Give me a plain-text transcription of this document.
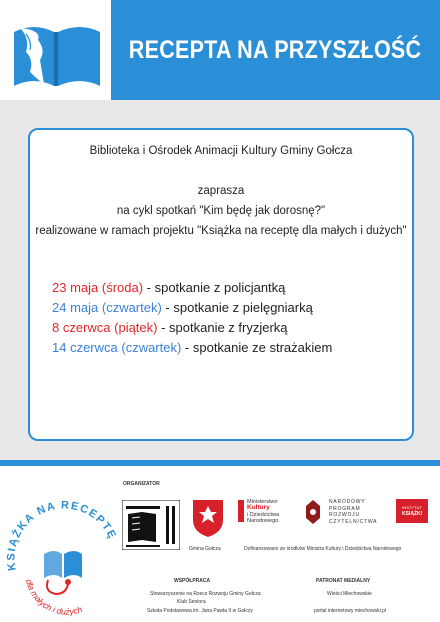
RECEPTA NA PRZYSZŁOŚĆ
Biblioteka i Ośrodek Animacji Kultury Gminy Gołcza
zaprasza
na cykl spotkań "Kim będę jak dorosnę?"
realizowane w ramach projektu "Książka na receptę dla małych i dużych"
23 maja (środa) - spotkanie z policjantką
24 maja (czwartek) - spotkanie z pielęgniarką
8 czerwca (piątek) - spotkanie z fryzjerką
14 czerwca (czwartek) - spotkanie ze strażakiem
KSIĄŻKA NA RECEPTĘ
dla małych i dużych
ORGANIZATOR
Gmina Gołcza
Ministerstwo
Kultury
i Dziedzictwa
Narodowego.
NARODOWY
PROGRAM
ROZWOJU
CZYTELNICTWA
INSTYTUT
KSIĄŻKI
Dofinansowano ze środków Ministra Kultury i Dziedzictwa Narodowego
WSPÓŁPRACA
Stowarzyszenie na Rzecz Rozwoju Gminy Gołcza
Klub Seniora
Szkoła Podstawowa im. Jana Pawła II w Gołczy
PATRONAT MEDIALNY
Wieści Miechowskie
portal internetowy miechowski.pl
